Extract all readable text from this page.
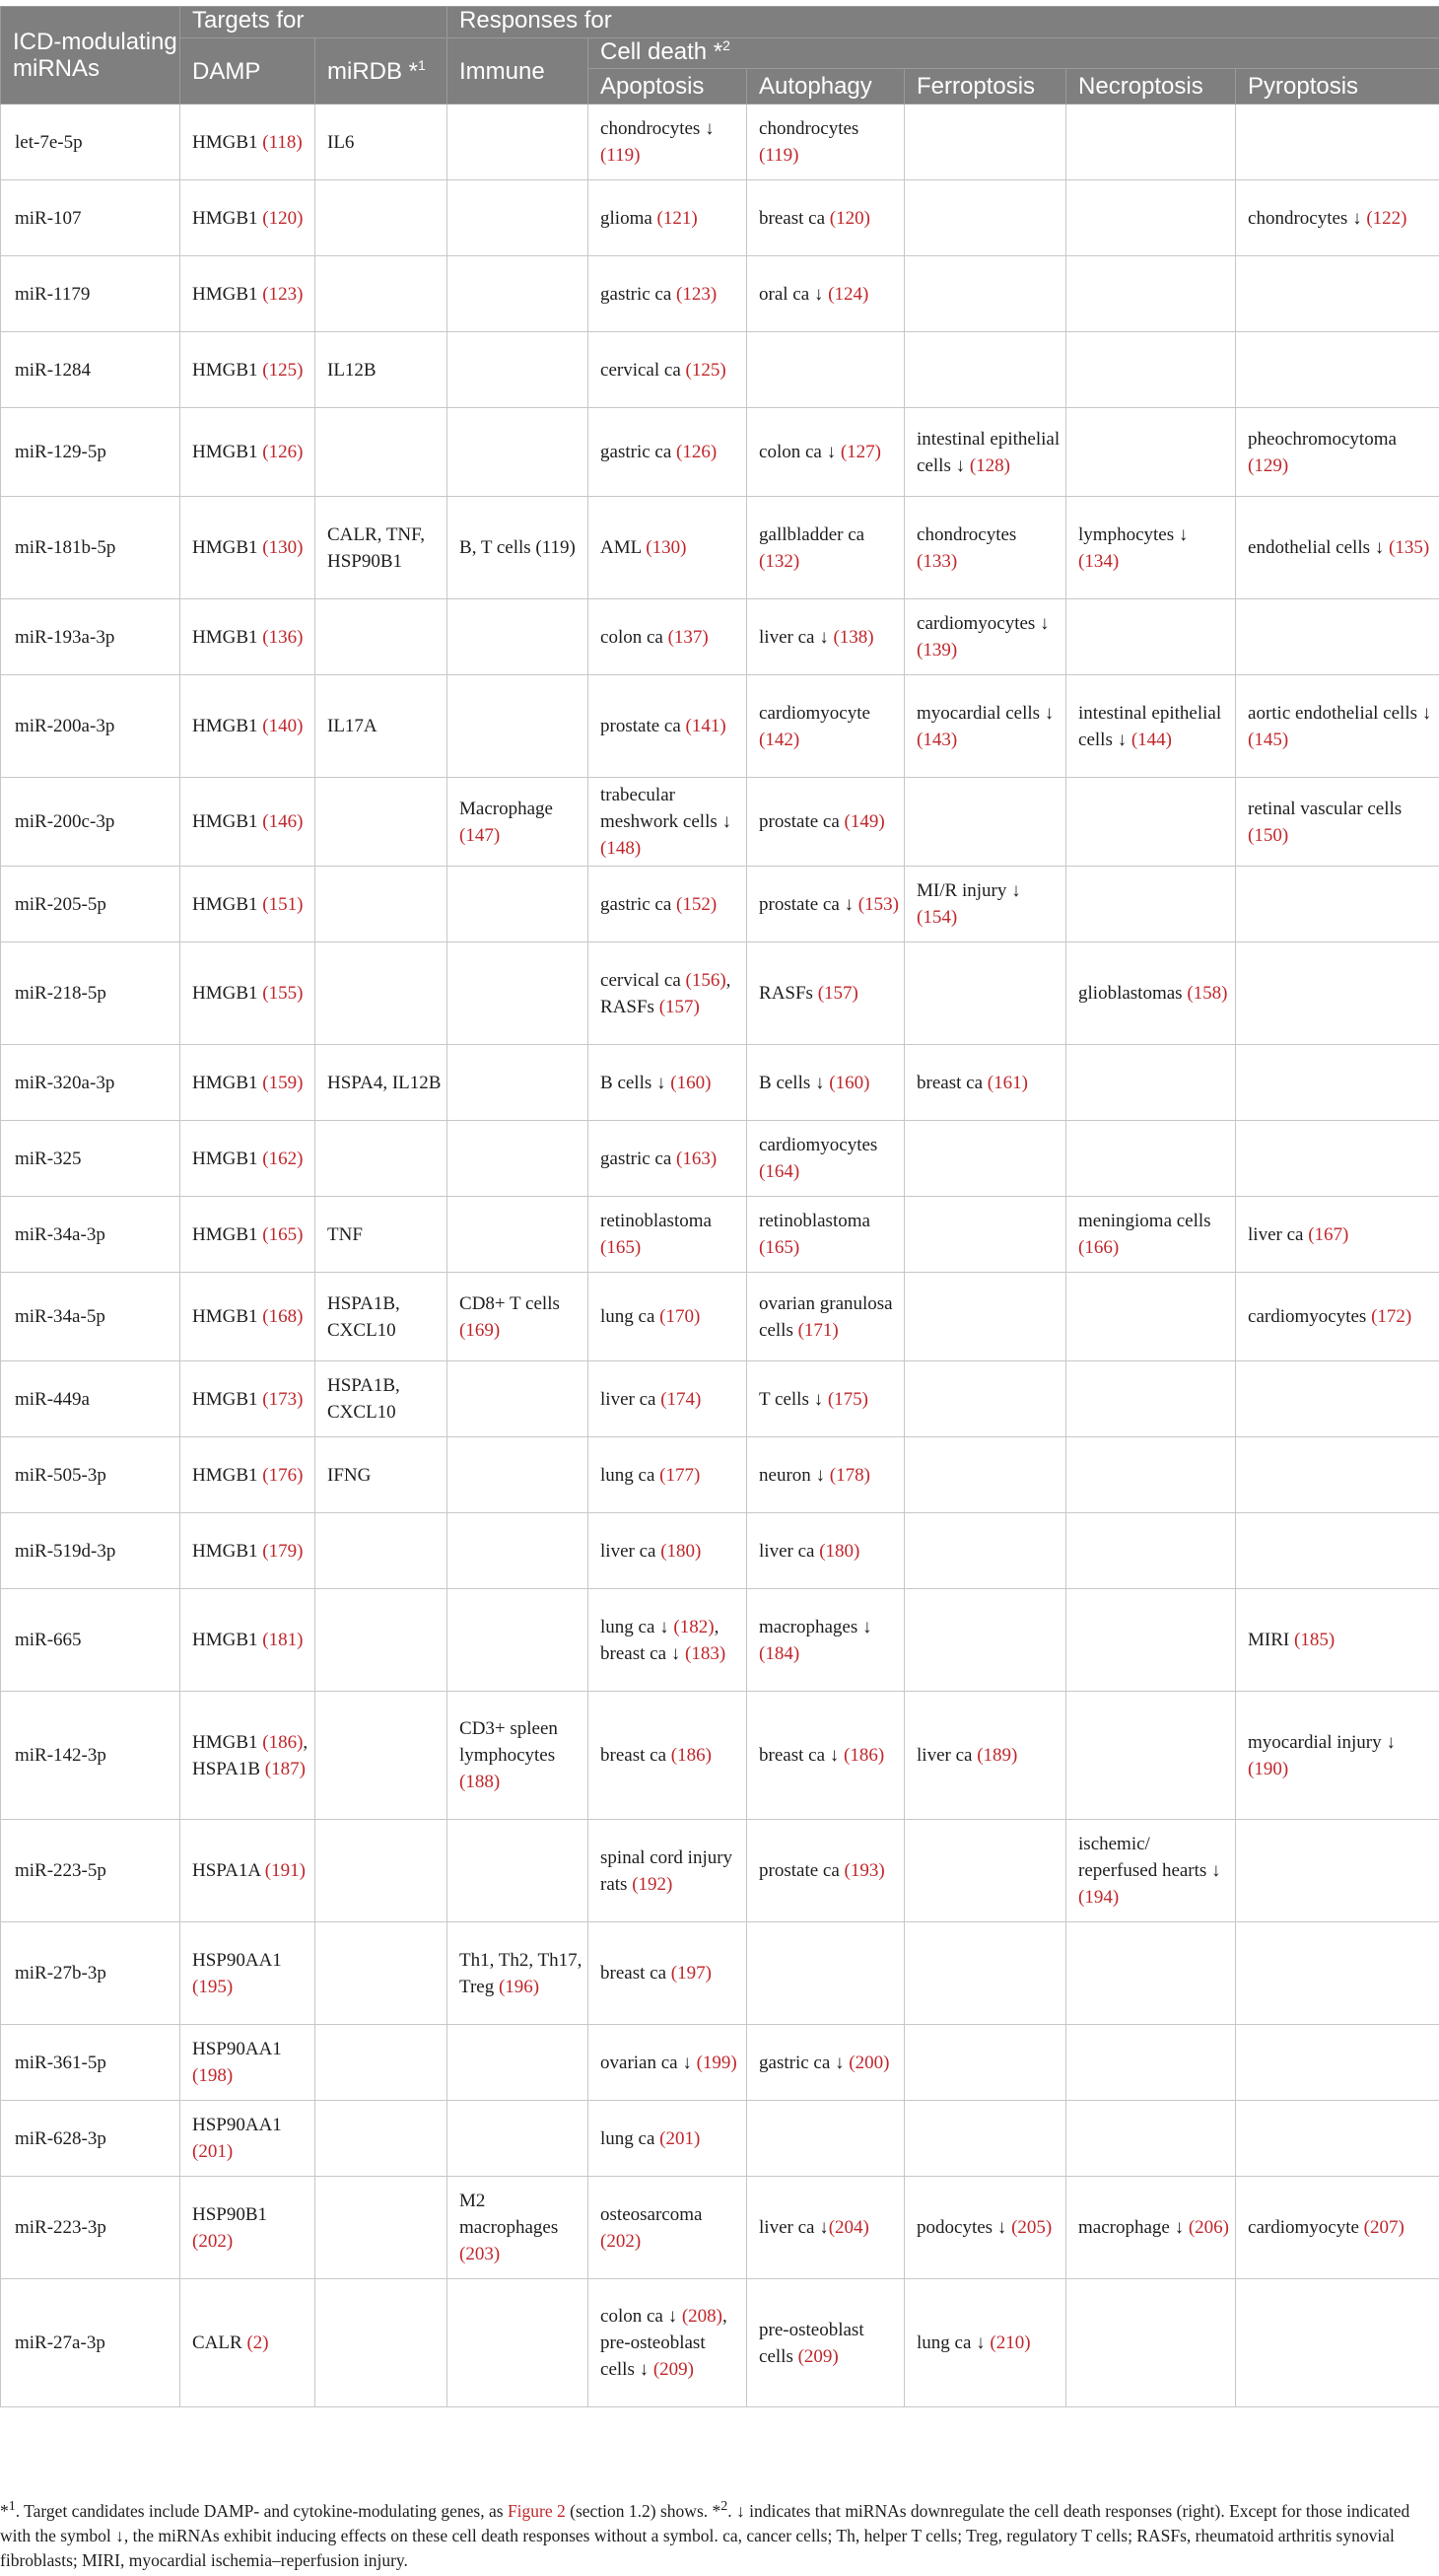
ICD-modulating miRNAs	Targets for		Responses for					
	DAMP	miRDB *$^1$	Immune	Cell death *$^2$
				Apoptosis	Autophagy	Ferroptosis	Necroptosis	Pyroptosis
let-7e-5p	HMGB1 (118)	IL6		chondrocytes ↓ (119)	chondrocytes (119)			
miR-107	HMGB1 (120)			glioma (121)	breast ca (120)			chondrocytes ↓ (122)
miR-1179	HMGB1 (123)			gastric ca (123)	oral ca ↓ (124)			
miR-1284	HMGB1 (125)	IL12B		cervical ca (125)				
miR-129-5p	HMGB1 (126)			gastric ca (126)	colon ca ↓ (127)	intestinal epithelial cells ↓ (128)		pheochromocytoma (129)
miR-181b-5p	HMGB1 (130)	CALR, TNF, HSP90B1	B, T cells (119)	AML (130)	gallbladder ca (132)	chondrocytes (133)	lymphocytes ↓ (134)	endothelial cells ↓ (135)
miR-193a-3p	HMGB1 (136)			colon ca (137)	liver ca ↓ (138)	cardiomyocytes ↓ (139)		
miR-200a-3p	HMGB1 (140)	IL17A		prostate ca (141)	cardiomyocyte (142)	myocardial cells ↓ (143)	intestinal epithelial cells ↓ (144)	aortic endothelial cells ↓ (145)
miR-200c-3p	HMGB1 (146)		Macrophage (147)	trabecular meshwork cells ↓ (148)	prostate ca (149)			retinal vascular cells (150)
miR-205-5p	HMGB1 (151)			gastric ca (152)	prostate ca ↓ (153)	MI/R injury ↓ (154)		
miR-218-5p	HMGB1 (155)			cervical ca (156), RASFs (157)	RASFs (157)		glioblastomas (158)	
miR-320a-3p	HMGB1 (159)	HSPA4, IL12B		B cells ↓ (160)	B cells ↓ (160)	breast ca (161)		
miR-325	HMGB1 (162)			gastric ca (163)	cardiomyocytes (164)			
miR-34a-3p	HMGB1 (165)	TNF		retinoblastoma (165)	retinoblastoma (165)		meningioma cells (166)	liver ca (167)
miR-34a-5p	HMGB1 (168)	HSPA1B, CXCL10	CD8+ T cells (169)	lung ca (170)	ovarian granulosa cells (171)			cardiomyocytes (172)
miR-449a	HMGB1 (173)	HSPA1B, CXCL10		liver ca (174)	T cells ↓ (175)			
miR-505-3p	HMGB1 (176)	IFNG		lung ca (177)	neuron ↓ (178)			
miR-519d-3p	HMGB1 (179)			liver ca (180)	liver ca (180)			
miR-665	HMGB1 (181)			lung ca ↓ (182), breast ca ↓ (183)	macrophages ↓ (184)			MIRI (185)
miR-142-3p	HMGB1 (186), HSPA1B (187)		CD3+ spleen lymphocytes (188)	breast ca (186)	breast ca ↓ (186)	liver ca (189)		myocardial injury ↓ (190)
miR-223-5p	HSPA1A (191)			spinal cord injury rats (192)	prostate ca (193)		ischemic/ reperfused hearts ↓ (194)	
miR-27b-3p	HSP90AA1 (195)		Th1, Th2, Th17, Treg (196)	breast ca (197)				
miR-361-5p	HSP90AA1 (198)			ovarian ca ↓ (199)	gastric ca ↓ (200)			
miR-628-3p	HSP90AA1 (201)			lung ca (201)				
miR-223-3p	HSP90B1 (202)		M2 macrophages (203)	osteosarcoma (202)	liver ca ↓(204)	podocytes ↓ (205)	macrophage ↓ (206)	cardiomyocyte (207)
miR-27a-3p	CALR (2)			colon ca ↓ (208), pre-osteoblast cells ↓ (209)	pre-osteoblast cells (209)	lung ca ↓ (210)		
*$^1$. Target candidates include DAMP- and cytokine-modulating genes, as Figure 2 (section 1.2) shows. *$^2$. ↓ indicates that miRNAs downregulate the cell death responses (right). Except for those indicated with the symbol ↓, the miRNAs exhibit inducing effects on these cell death responses without a symbol. ca, cancer cells; Th, helper T cells; Treg, regulatory T cells; RASFs, rheumatoid arthritis synovial fibroblasts; MIRI, myocardial ischemia–reperfusion injury.
